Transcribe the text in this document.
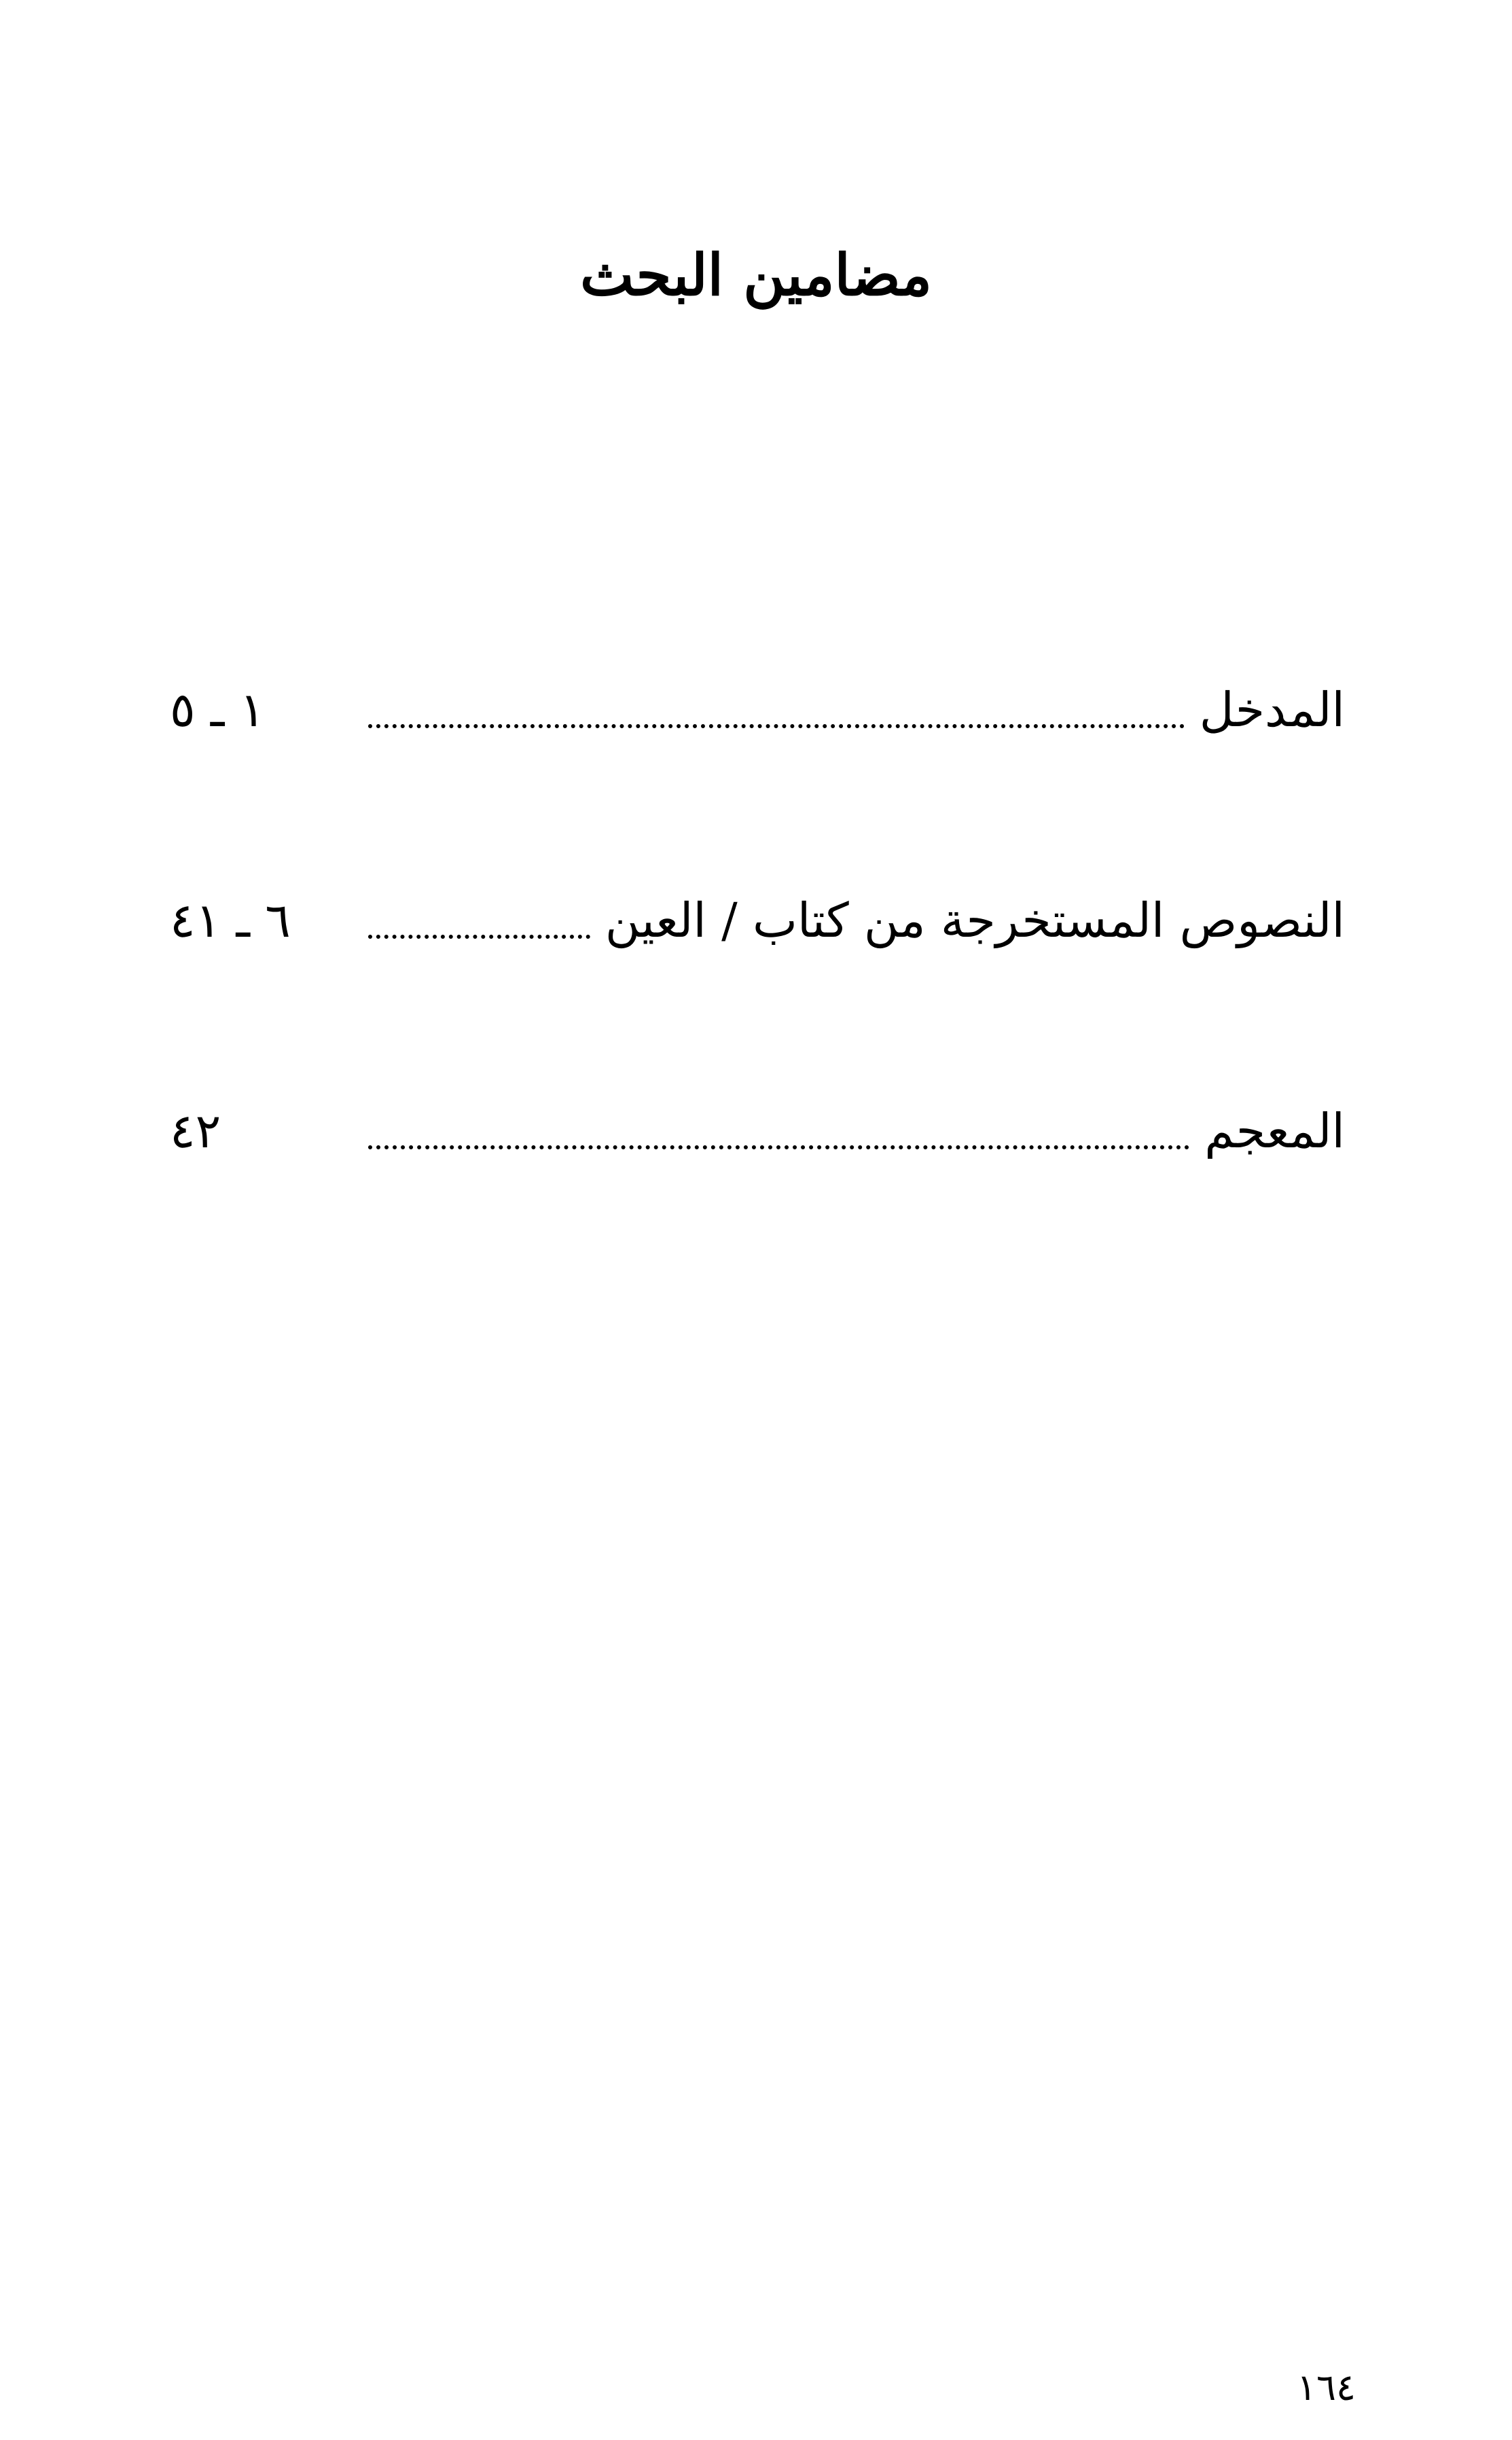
مضامين البحث
المدخل
١ ـ ٥
النصوص المستخرجة من كتاب / العين
٦ ـ ٤١
المعجم
٤٢
١٦٤
